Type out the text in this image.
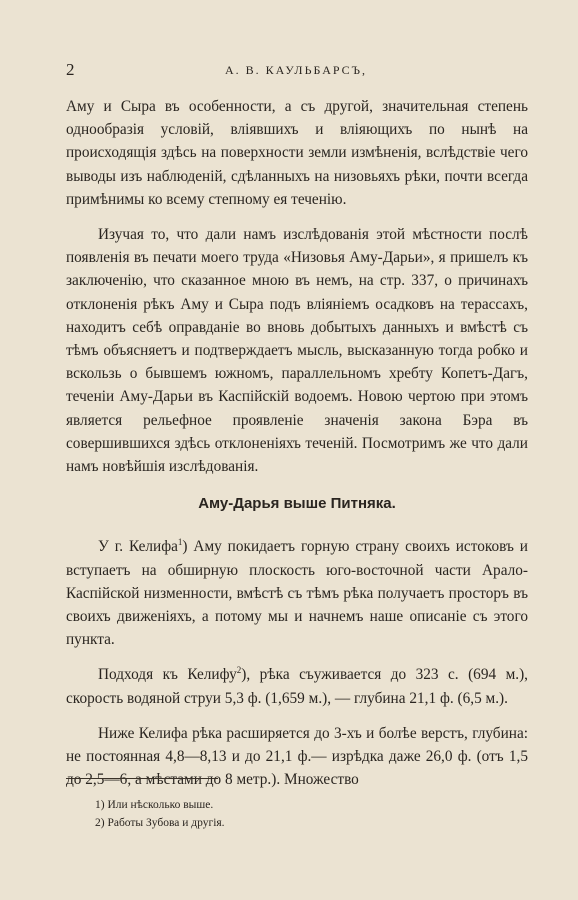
2	А. В. КАУЛЬБАРСЪ,

Аму и Сыра въ особенности, а съ другой, значительная степень однообразія условій, вліявшихъ и вліяющихъ по нынѣ на происходящія здѣсь на поверхности земли измѣненія, вслѣдствіе чего выводы изъ наблюденій, сдѣланныхъ на низовьяхъ рѣки, почти всегда примѣнимы ко всему степному ея теченію.

Изучая то, что дали намъ изслѣдованія этой мѣстности послѣ появленія въ печати моего труда «Низовья Аму-Дарьи», я пришелъ къ заключенію, что сказанное мною въ немъ, на стр. 337, о причинахъ отклоненія рѣкъ Аму и Сыра подъ вліяніемъ осадковъ на терассахъ, находитъ себѣ оправданіе во вновь добытыхъ данныхъ и вмѣстѣ съ тѣмъ объясняетъ и подтверждаетъ мысль, высказанную тогда робко и вскользь о бывшемъ южномъ, параллельномъ хребту Копетъ-Дагъ, теченіи Аму-Дарьи въ Каспійскій водоемъ. Новою чертою при этомъ является рельефное проявленіе значенія закона Бэра въ совершившихся здѣсь отклоненіяхъ теченій. Посмотримъ же что дали намъ новѣйшія изслѣдованія.

Аму-Дарья выше Питняка.

У г. Келифа$^1$) Аму покидаетъ горную страну своихъ истоковъ и вступаетъ на обширную плоскость юго-восточной части Арало-Каспійской низменности, вмѣстѣ съ тѣмъ рѣка получаетъ просторъ въ своихъ движеніяхъ, а потому мы и начнемъ наше описаніе съ этого пункта.

Подходя къ Келифу$^2$), рѣка съуживается до 323 с. (694 м.), скорость водяной струи 5,3 ф. (1,659 м.), — глубина 21,1 ф. (6,5 м.).

Ниже Келифа рѣка расширяется до 3-хъ и болѣе верстъ, глубина: не постоянная 4,8—8,13 и до 21,1 ф.— изрѣдка даже 26,0 ф. (отъ 1,5 до 2,5—6, а мѣстами до 8 метр.). Множество

1) Или нѣсколько выше.
2) Работы Зубова и другія.
